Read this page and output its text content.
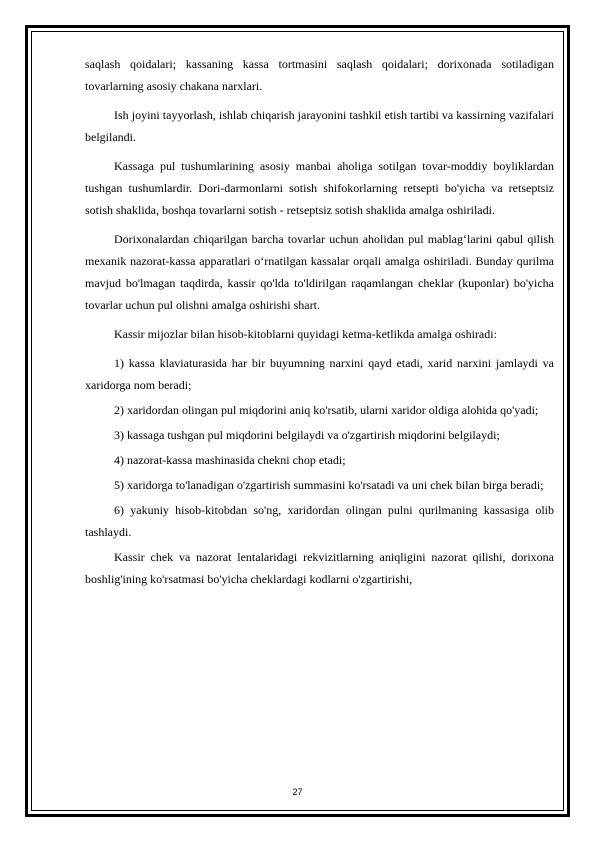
saqlash qoidalari; kassaning kassa tortmasini saqlash qoidalari; dorixonada sotiladigan tovarlarning asosiy chakana narxlari.

Ish joyini tayyorlash, ishlab chiqarish jarayonini tashkil etish tartibi va kassirning vazifalari belgilandi.

Kassaga pul tushumlarining asosiy manbai aholiga sotilgan tovar-moddiy boyliklardan tushgan tushumlardir. Dori-darmonlarni sotish shifokorlarning retsepti bo'yicha va retseptsiz sotish shaklida, boshqa tovarlarni sotish - retseptsiz sotish shaklida amalga oshiriladi.

Dorixonalardan chiqarilgan barcha tovarlar uchun aholidan pul mablag‘larini qabul qilish mexanik nazorat-kassa apparatlari o‘rnatilgan kassalar orqali amalga oshiriladi. Bunday qurilma mavjud bo'lmagan taqdirda, kassir qo'lda to'ldirilgan raqamlangan cheklar (kuponlar) bo'yicha tovarlar uchun pul olishni amalga oshirishi shart.

Kassir mijozlar bilan hisob-kitoblarni quyidagi ketma-ketlikda amalga oshiradi:

1) kassa klaviaturasida har bir buyumning narxini qayd etadi, xarid narxini jamlaydi va xaridorga nom beradi;

2) xaridordan olingan pul miqdorini aniq ko'rsatib, ularni xaridor oldiga alohida qo'yadi;

3) kassaga tushgan pul miqdorini belgilaydi va o'zgartirish miqdorini belgilaydi;

4) nazorat-kassa mashinasida chekni chop etadi;

5) xaridorga to'lanadigan o'zgartirish summasini ko'rsatadi va uni chek bilan birga beradi;

6) yakuniy hisob-kitobdan so'ng, xaridordan olingan pulni qurilmaning kassasiga olib tashlaydi.

Kassir chek va nazorat lentalaridagi rekvizitlarning aniqligini nazorat qilishi, dorixona boshlig'ining ko'rsatmasi bo'yicha cheklardagi kodlarni o'zgartirishi,

27
